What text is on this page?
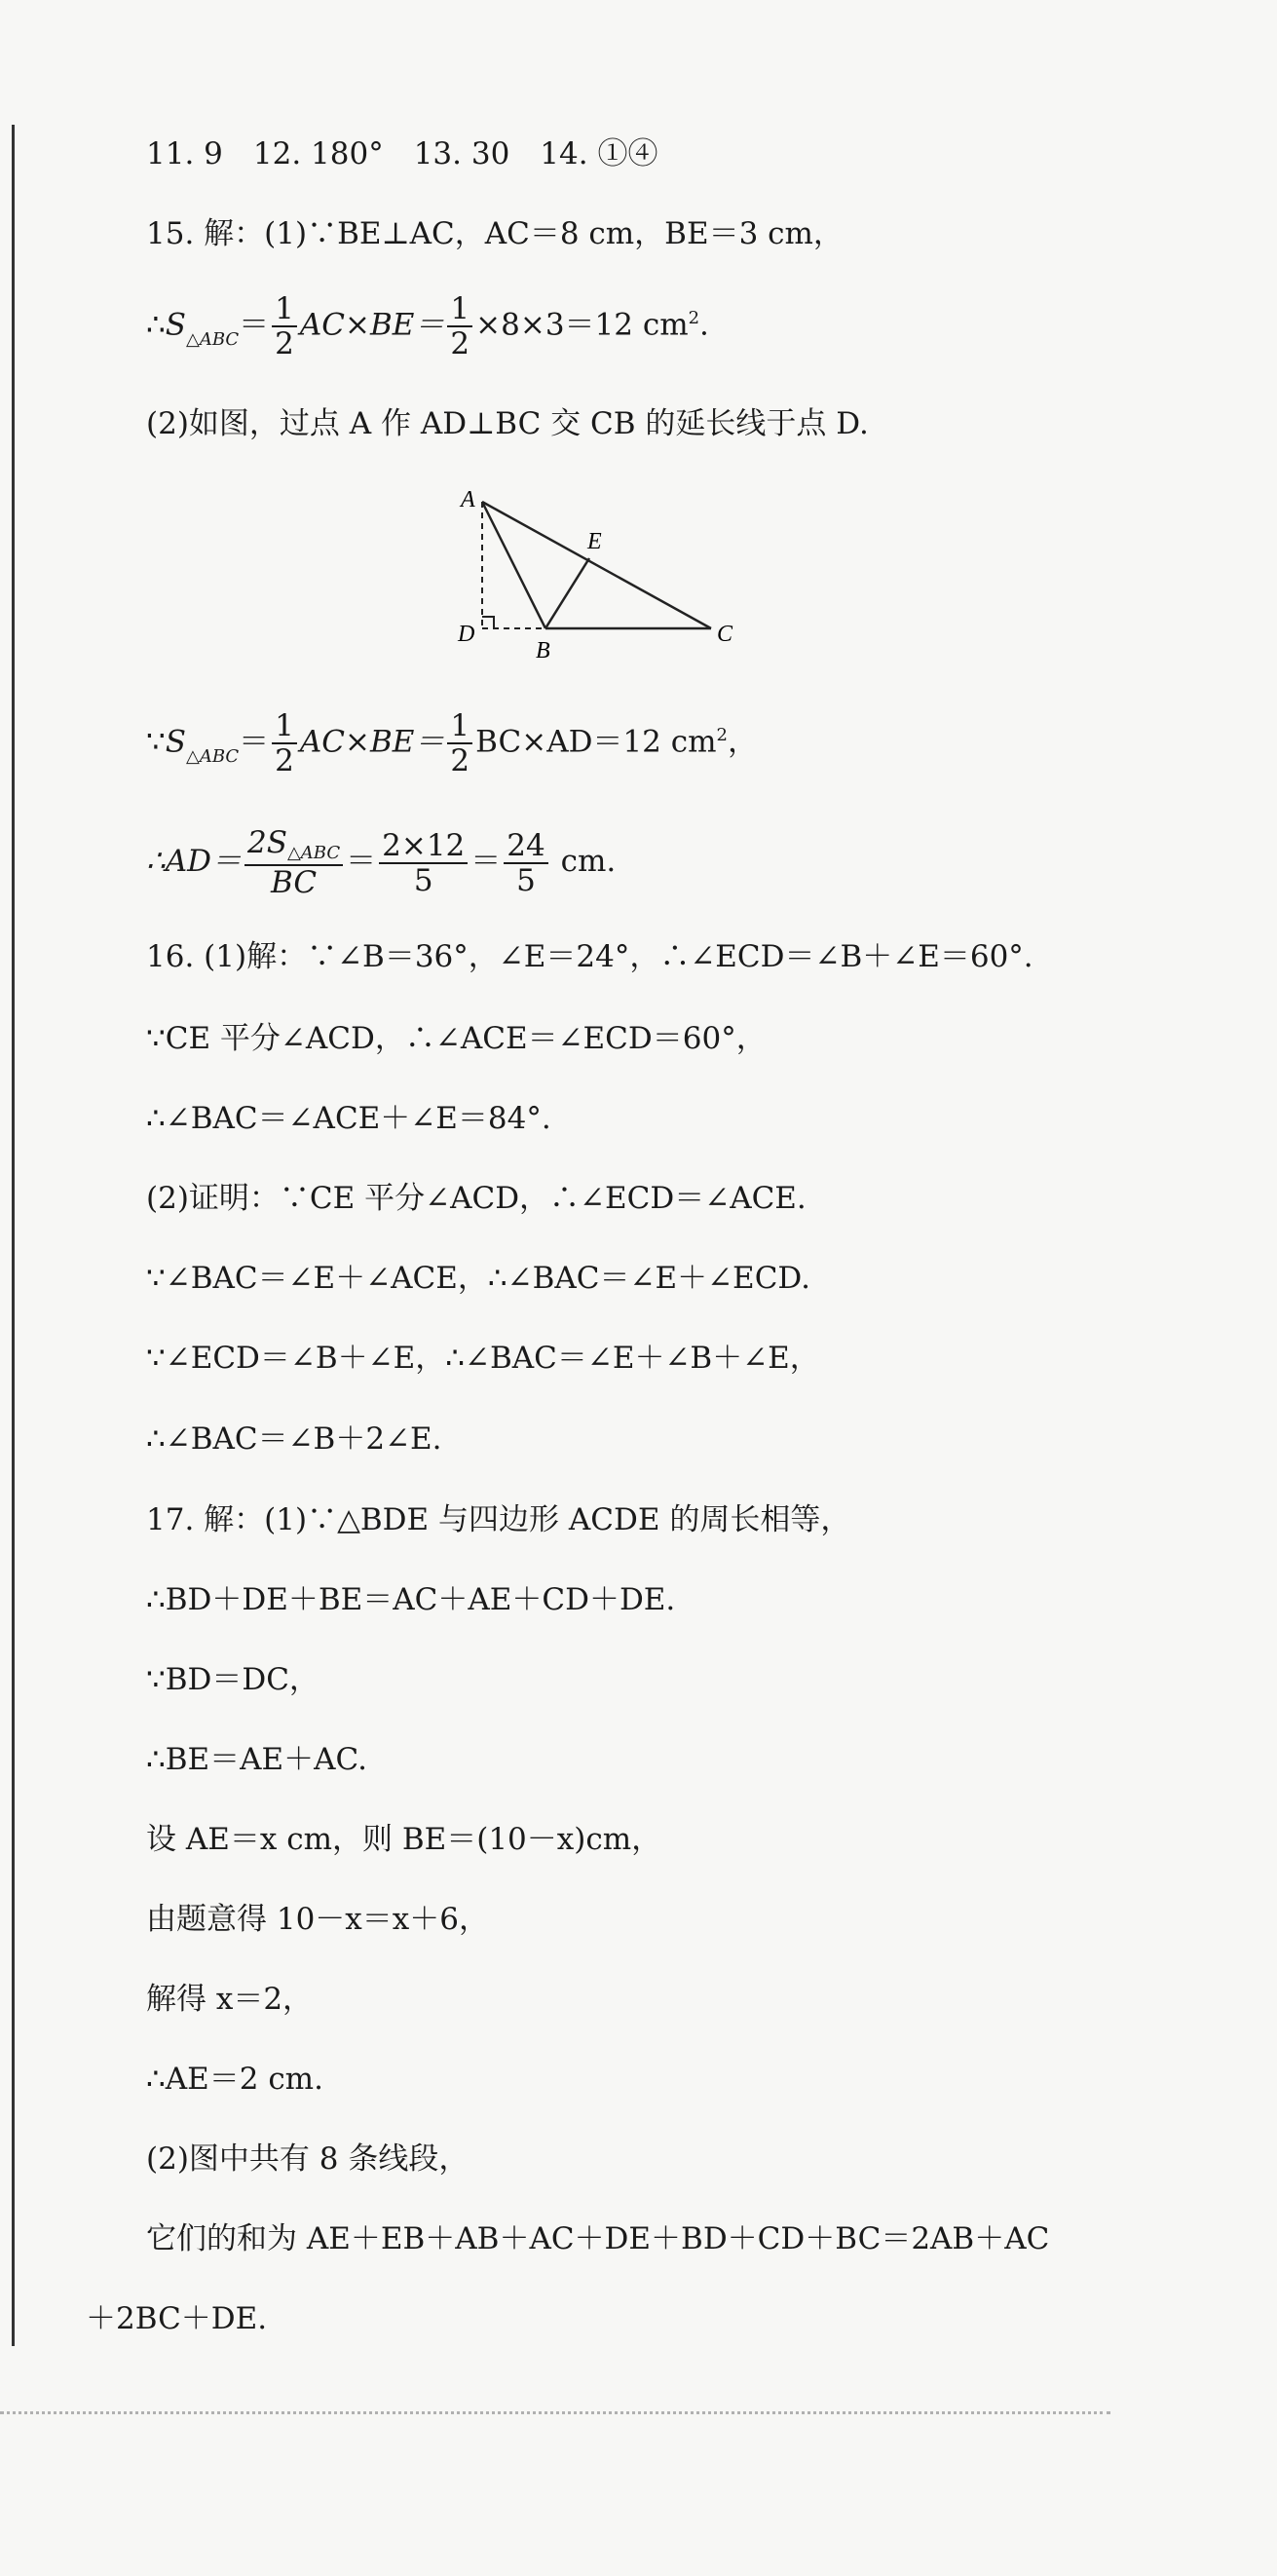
11. 9　12. 180°　13. 30　14. ①④
15. 解：(1)∵BE⊥AC，AC＝8 cm，BE＝3 cm，
$\therefore S_{\triangle ABC}= \frac{1}{2} AC\times BE= \frac{1}{2} \times 8\times 3=12$ $cm^2$.
(2)如图，过点 A 作 AD⊥BC 交 CB 的延长线于点 D.
A
E
D
B
C
$\because S_{\triangle ABC}= \frac{1}{2} AC\times BE= \frac{1}{2} BC\times AD=12$ $cm^2$，
∴AD＝ $\frac{\text{2S△ABC}}{BC} = \frac{2\times 12}{5} = \frac{24}{5}$ cm.
16. (1)解：∵∠B＝36°，∠E＝24°，∴∠ECD＝∠B＋∠E＝60°.
∵CE 平分∠ACD，∴∠ACE＝∠ECD＝60°，
∴∠BAC＝∠ACE＋∠E＝84°.
(2)证明：∵CE 平分∠ACD，∴∠ECD＝∠ACE.
∵∠BAC＝∠E＋∠ACE，∴∠BAC＝∠E＋∠ECD.
∵∠ECD＝∠B＋∠E，∴∠BAC＝∠E＋∠B＋∠E，
∴∠BAC＝∠B＋2∠E.
17. 解：(1)∵△BDE 与四边形 ACDE 的周长相等，
∴BD＋DE＋BE＝AC＋AE＋CD＋DE.
∵BD＝DC，
∴BE＝AE＋AC.
设 AE＝x cm，则 BE＝(10－x)cm，
由题意得 10－x＝x＋6，
解得 x＝2，
∴AE＝2 cm.
(2)图中共有 8 条线段，
它们的和为 AE＋EB＋AB＋AC＋DE＋BD＋CD＋BC＝2AB＋AC
＋2BC＋DE.
